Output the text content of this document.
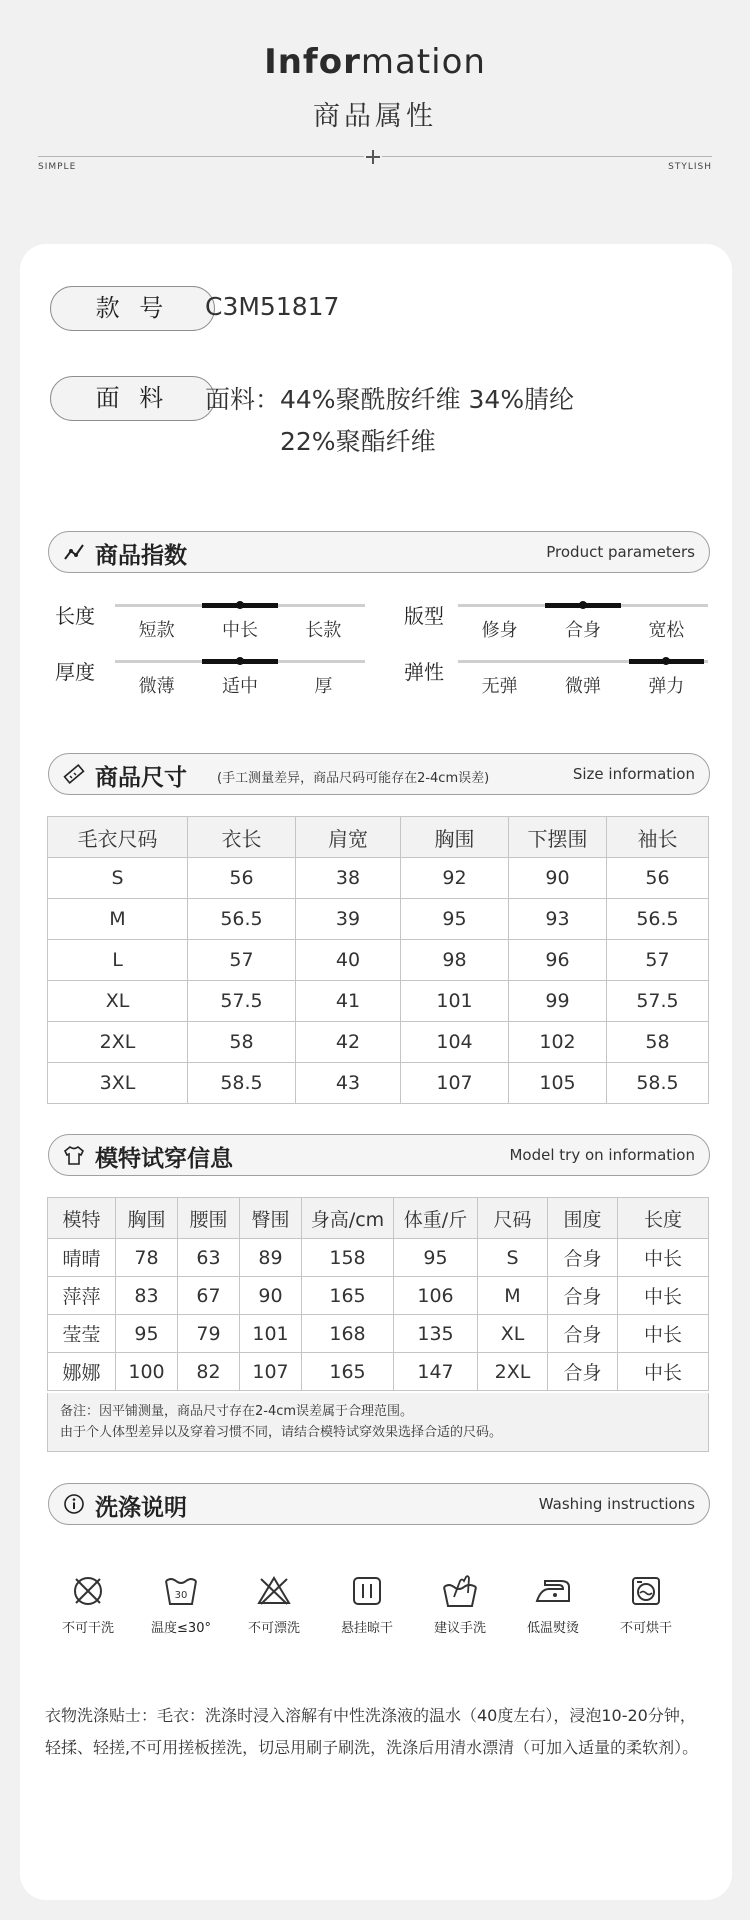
Information
商品属性
SIMPLE	STYLISH
款 号	C3M51817
面 料	面料：44%聚酰胺纤维 34%腈纶
22%聚酯纤维
商品指数	Product parameters
长度
短款	中长	长款
版型
修身	合身	宽松
厚度
微薄	适中	厚
弹性
无弹	微弹	弹力
商品尺寸 (手工测量差异，商品尺码可能存在2-4cm误差)	Size information
毛衣尺码	衣长	肩宽	胸围	下摆围	袖长
S	56	38	92	90	56
M	56.5	39	95	93	56.5
L	57	40	98	96	57
XL	57.5	41	101	99	57.5
2XL	58	42	104	102	58
3XL	58.5	43	107	105	58.5
模特试穿信息	Model try on information
模特	胸围	腰围	臀围	身高/cm	体重/斤	尺码	围度	长度
晴晴	78	63	89	158	95	S	合身	中长
萍萍	83	67	90	165	106	M	合身	中长
莹莹	95	79	101	168	135	XL	合身	中长
娜娜	100	82	107	165	147	2XL	合身	中长
备注：因平铺测量，商品尺寸存在2-4cm误差属于合理范围。
由于个人体型差异以及穿着习惯不同，请结合模特试穿效果选择合适的尺码。
洗涤说明	Washing instructions
不可干洗
30
温度≤30°	不可漂洗	悬挂晾干	建议手洗	低温熨烫	不可烘干
衣物洗涤贴士：毛衣：洗涤时浸入溶解有中性洗涤液的温水（40度左右），浸泡10-20分钟，轻揉、轻搓,不可用搓板搓洗，切忌用刷子刷洗，洗涤后用清水漂清（可加入适量的柔软剂）。
